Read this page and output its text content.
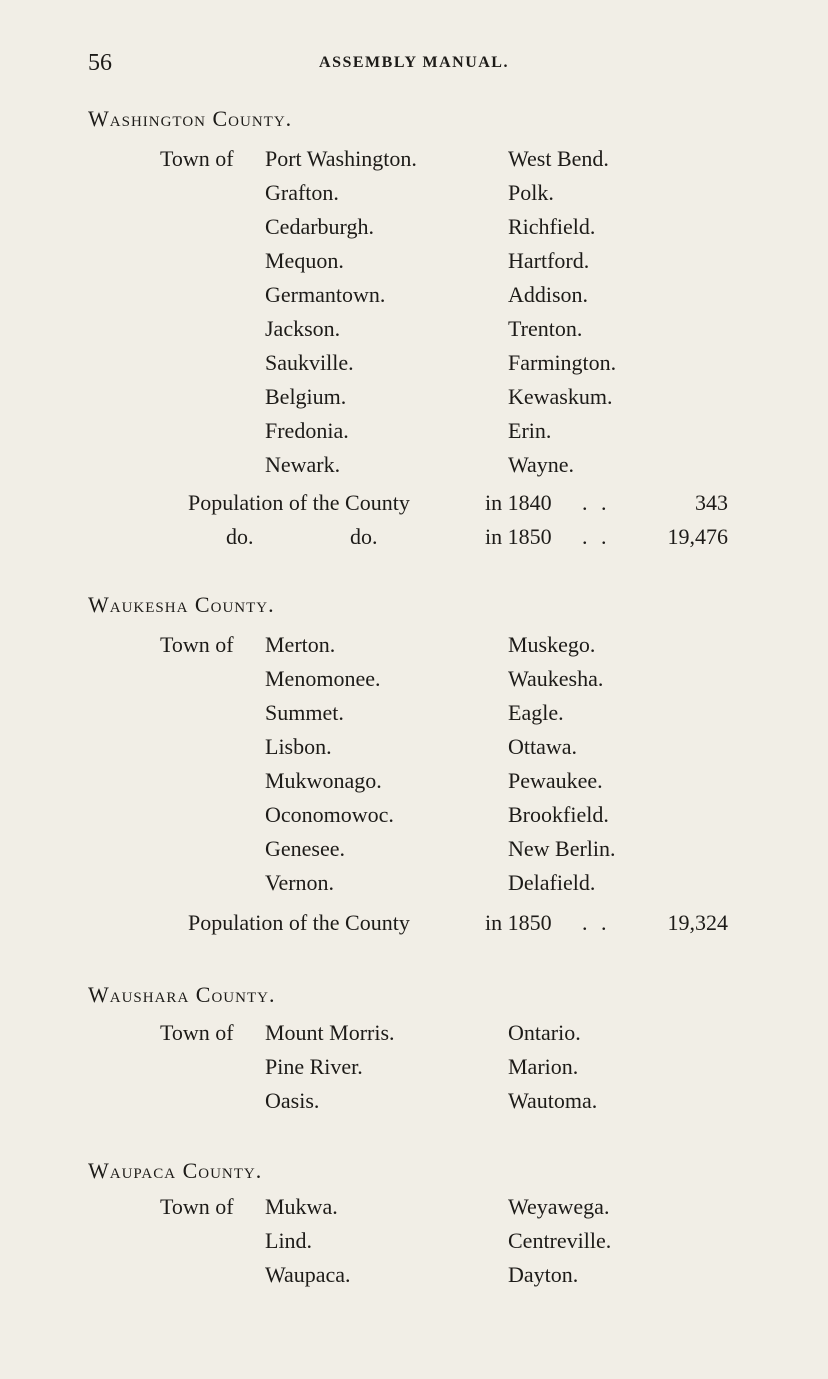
56	ASSEMBLY MANUAL.
Washington County.
Town of Port Washington.	West Bend.
Grafton.	Polk.
Cedarburgh.	Richfield.
Mequon.	Hartford.
Germantown.	Addison.
Jackson.	Trenton.
Saukville.	Farmington.
Belgium.	Kewaskum.
Fredonia.	Erin.
Newark.	Wayne.
Population of the County	in 1840 . .	343
do.	do.	in 1850 . .	19,476
Waukesha County.
Town of Merton.	Muskego.
Menomonee.	Waukesha.
Summet.	Eagle.
Lisbon.	Ottawa.
Mukwonago.	Pewaukee.
Oconomowoc.	Brookfield.
Genesee.	New Berlin.
Vernon.	Delafield.
Population of the County	in 1850 . .	19,324
Waushara County.
Town of Mount Morris.	Ontario.
Pine River.	Marion.
Oasis.	Wautoma.
Waupaca County.
Town of Mukwa.	Weyawega.
Lind.	Centreville.
Waupaca.	Dayton.
